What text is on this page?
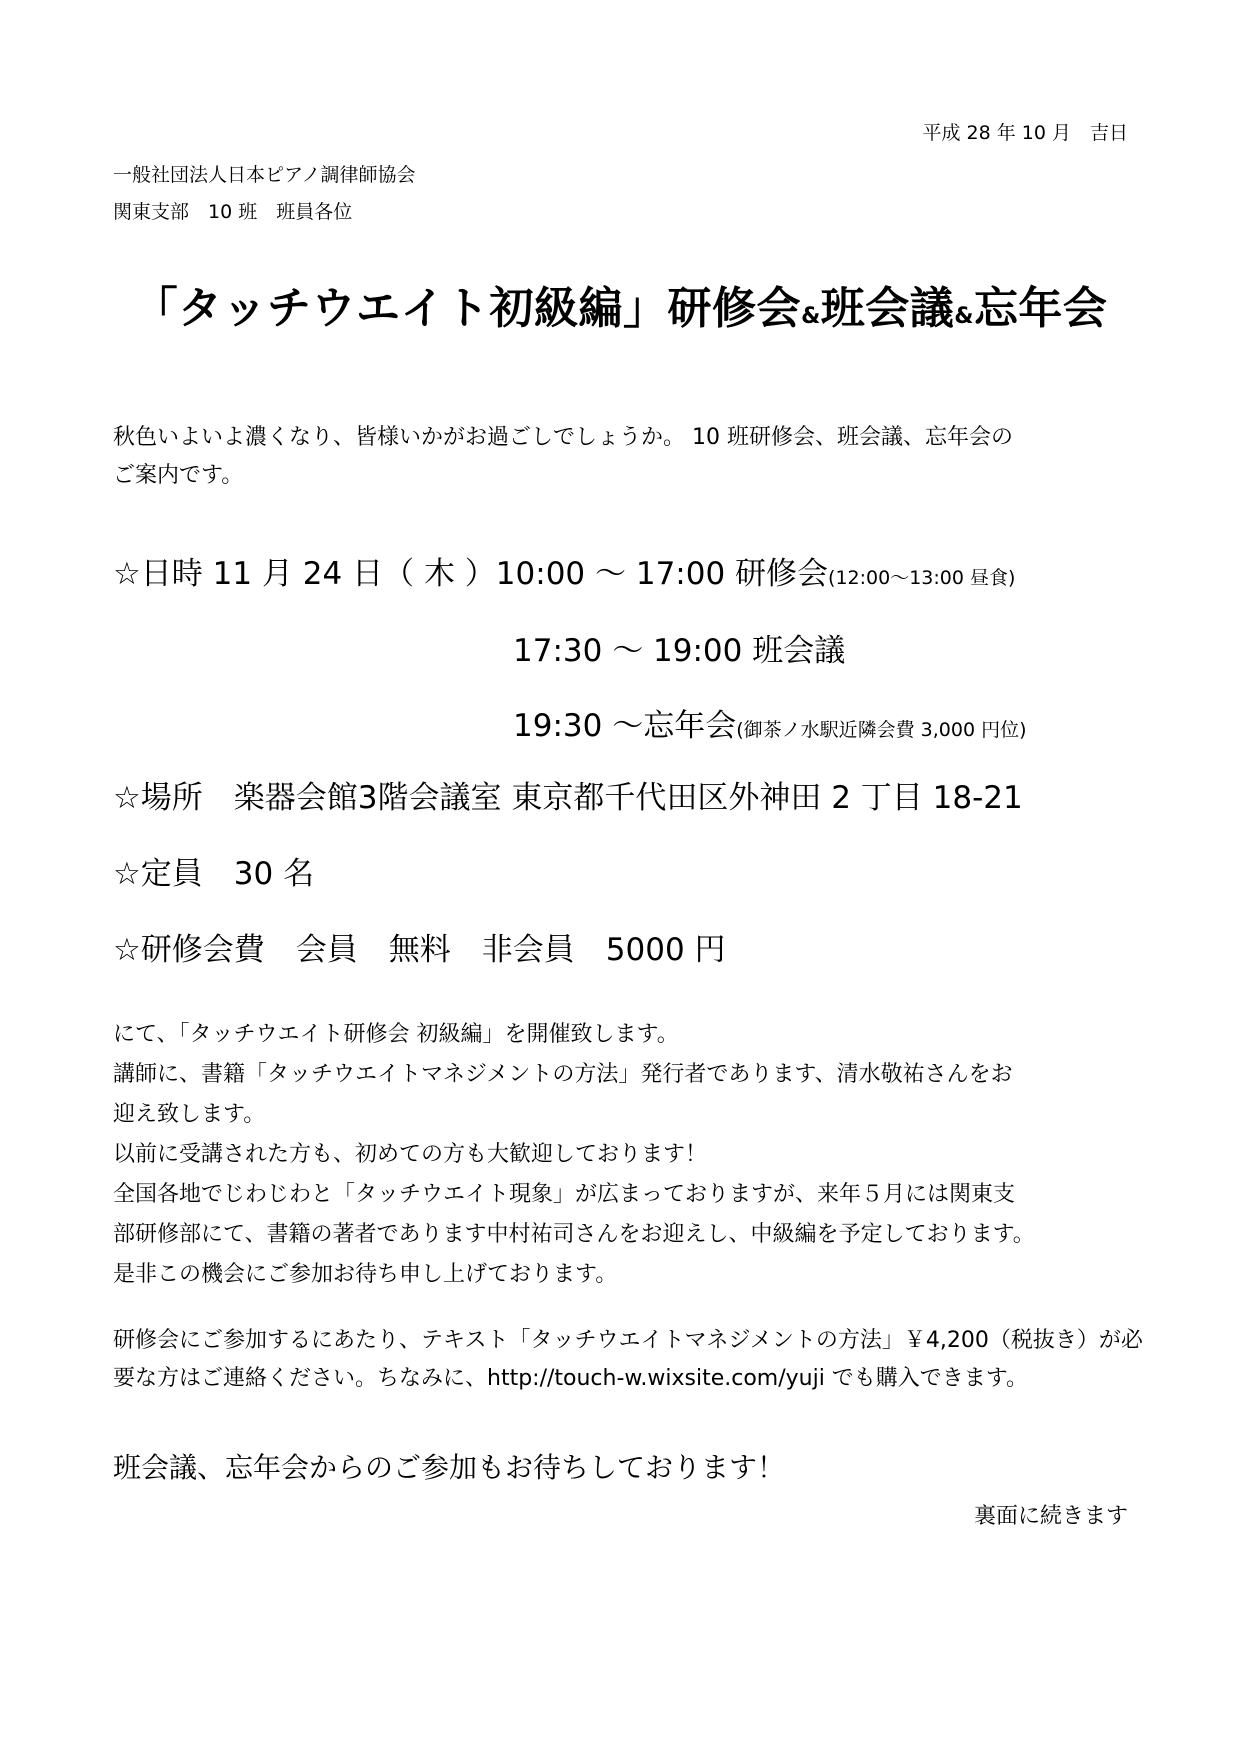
平成 28 年 10 月　吉日
一般社団法人日本ピアノ調律師協会
関東支部　10 班　班員各位
「タッチウエイト初級編」研修会&班会議&忘年会
秋色いよいよ濃くなり、皆様いかがお過ごしでしょうか。 10 班研修会、班会議、忘年会の
ご案内です。
☆日時 11 月 24 日（ 木 ）10:00 ～ 17:00 研修会(12:00～13:00 昼食)
17:30 ～ 19:00 班会議
19:30 ～忘年会(御茶ノ水駅近隣会費 3,000 円位)
☆場所　楽器会館3階会議室 東京都千代田区外神田 2 丁目 18-21
☆定員　30 名
☆研修会費　会員　無料　非会員　5000 円
にて、「タッチウエイト研修会 初級編」を開催致します。
講師に、書籍「タッチウエイトマネジメントの方法」発行者であります、清水敬祐さんをお
迎え致します。
以前に受講された方も、初めての方も大歓迎しております！
全国各地でじわじわと「タッチウエイト現象」が広まっておりますが、来年５月には関東支
部研修部にて、書籍の著者であります中村祐司さんをお迎えし、中級編を予定しております。
是非この機会にご参加お待ち申し上げております。
研修会にご参加するにあたり、テキスト「タッチウエイトマネジメントの方法」￥4,200（税抜き）が必
要な方はご連絡ください。ちなみに、http://touch-w.wixsite.com/yuji でも購入できます。
班会議、忘年会からのご参加もお待ちしております！
裏面に続きます
